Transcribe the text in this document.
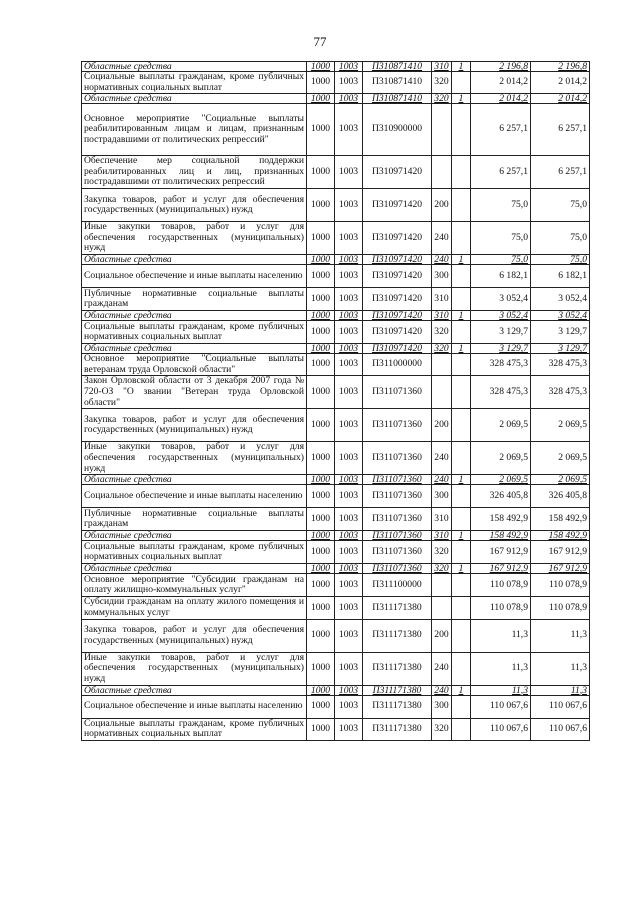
77
Областные средства	1000	1003	П310871410	310	1	2 196,8	2 196,8
Социальные выплаты гражданам, кроме публичных нормативных социальных выплат	1000	1003	П310871410	320		2 014,2	2 014,2
Областные средства	1000	1003	П310871410	320	1	2 014,2	2 014,2
Основное мероприятие "Социальные выплаты реабилитированным лицам и лицам, признанным пострадавшими от политических репрессий"	1000	1003	П310900000			6 257,1	6 257,1
Обеспечение мер социальной поддержки реабилитированных лиц и лиц, признанных пострадавшими от политических репрессий	1000	1003	П310971420			6 257,1	6 257,1
Закупка товаров, работ и услуг для обеспечения государственных (муниципальных) нужд	1000	1003	П310971420	200		75,0	75,0
Иные закупки товаров, работ и услуг для обеспечения государственных (муниципальных) нужд	1000	1003	П310971420	240		75,0	75,0
Областные средства	1000	1003	П310971420	240	1	75,0	75,0
Социальное обеспечение и иные выплаты населению	1000	1003	П310971420	300		6 182,1	6 182,1
Публичные нормативные социальные выплаты гражданам	1000	1003	П310971420	310		3 052,4	3 052,4
Областные средства	1000	1003	П310971420	310	1	3 052,4	3 052,4
Социальные выплаты гражданам, кроме публичных нормативных социальных выплат	1000	1003	П310971420	320		3 129,7	3 129,7
Областные средства	1000	1003	П310971420	320	1	3 129,7	3 129,7
Основное мероприятие "Социальные выплаты ветеранам труда Орловской области"	1000	1003	П311000000			328 475,3	328 475,3
Закон Орловской области от 3 декабря 2007 года № 720-ОЗ "О звании "Ветеран труда Орловской области"	1000	1003	П311071360			328 475,3	328 475,3
Закупка товаров, работ и услуг для обеспечения государственных (муниципальных) нужд	1000	1003	П311071360	200		2 069,5	2 069,5
Иные закупки товаров, работ и услуг для обеспечения государственных (муниципальных) нужд	1000	1003	П311071360	240		2 069,5	2 069,5
Областные средства	1000	1003	П311071360	240	1	2 069,5	2 069,5
Социальное обеспечение и иные выплаты населению	1000	1003	П311071360	300		326 405,8	326 405,8
Публичные нормативные социальные выплаты гражданам	1000	1003	П311071360	310		158 492,9	158 492,9
Областные средства	1000	1003	П311071360	310	1	158 492,9	158 492,9
Социальные выплаты гражданам, кроме публичных нормативных социальных выплат	1000	1003	П311071360	320		167 912,9	167 912,9
Областные средства	1000	1003	П311071360	320	1	167 912,9	167 912,9
Основное мероприятие "Субсидии гражданам на оплату жилищно-коммунальных услуг"	1000	1003	П311100000			110 078,9	110 078,9
Субсидии гражданам на оплату жилого помещения и коммунальных услуг	1000	1003	П311171380			110 078,9	110 078,9
Закупка товаров, работ и услуг для обеспечения государственных (муниципальных) нужд	1000	1003	П311171380	200		11,3	11,3
Иные закупки товаров, работ и услуг для обеспечения государственных (муниципальных) нужд	1000	1003	П311171380	240		11,3	11,3
Областные средства	1000	1003	П311171380	240	1	11,3	11,3
Социальное обеспечение и иные выплаты населению	1000	1003	П311171380	300		110 067,6	110 067,6
Социальные выплаты гражданам, кроме публичных нормативных социальных выплат	1000	1003	П311171380	320		110 067,6	110 067,6
